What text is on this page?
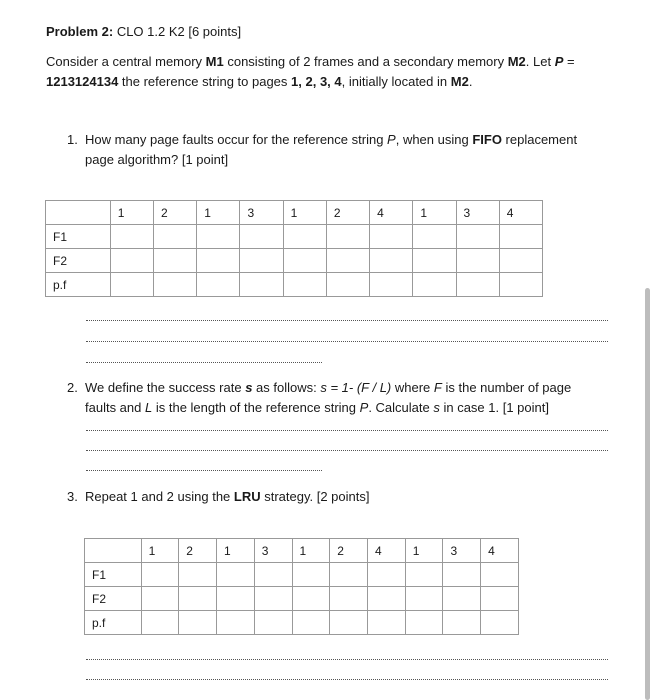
Problem 2: CLO 1.2 K2 [6 points]
Consider a central memory M1 consisting of 2 frames and a secondary memory M2. Let P =
1213124134 the reference string to pages 1, 2, 3, 4, initially located in M2.
1. How many page faults occur for the reference string P, when using FIFO replacement
page algorithm? [1 point]
	1	2	1	3	1	2	4	1	3	4
F1										
F2										
p.f										
2. We define the success rate s as follows: s = 1- (F / L) where F is the number of page
faults and L is the length of the reference string P. Calculate s in case 1. [1 point]
3. Repeat 1 and 2 using the LRU strategy. [2 points]
	1	2	1	3	1	2	4	1	3	4
F1										
F2										
p.f										
